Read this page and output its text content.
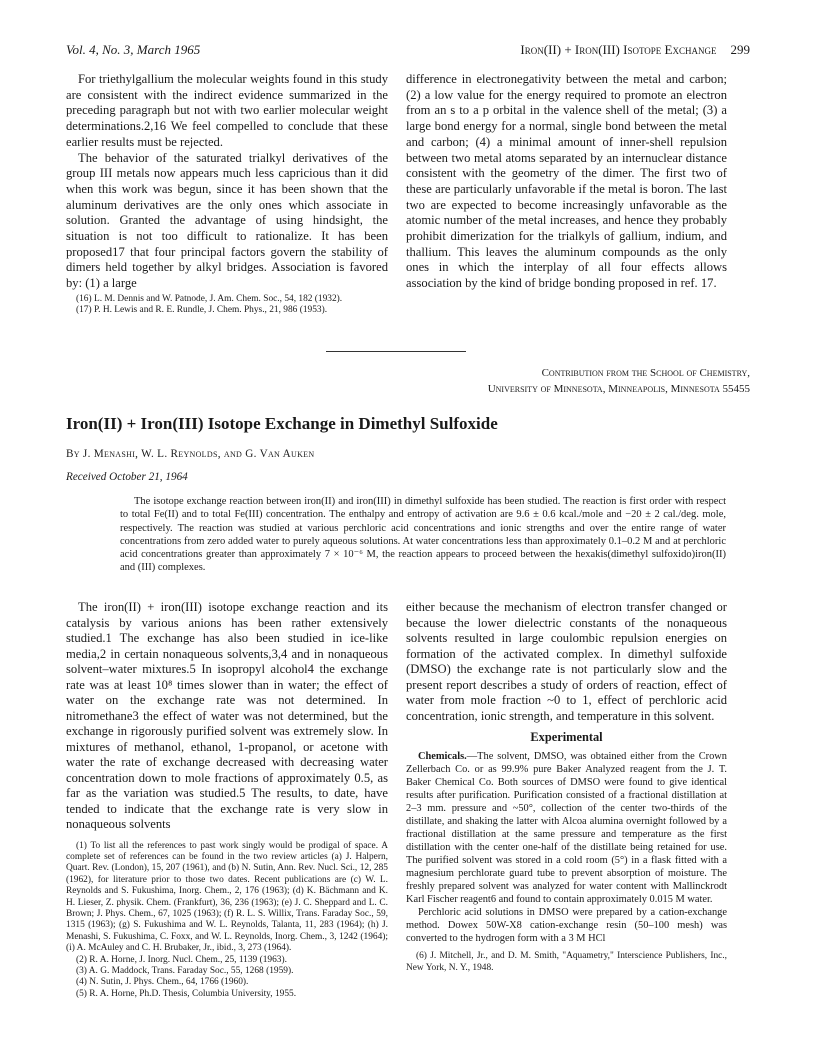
Vol. 4, No. 3, March 1965	Iron(II) + Iron(III) Isotope Exchange 299

For triethylgallium the molecular weights found in this study are consistent with the indirect evidence summarized in the preceding paragraph but not with two earlier molecular weight determinations.2,16 We feel compelled to conclude that these earlier results must be rejected.

The behavior of the saturated trialkyl derivatives of the group III metals now appears much less capricious than it did when this work was begun, since it has been shown that the aluminum derivatives are the only ones which associate in solution. Granted the advantage of using hindsight, the situation is not too difficult to rationalize. It has been proposed17 that four principal factors govern the stability of dimers held together by alkyl bridges. Association is favored by: (1) a large

(16) L. M. Dennis and W. Patnode, J. Am. Chem. Soc., 54, 182 (1932).
(17) P. H. Lewis and R. E. Rundle, J. Chem. Phys., 21, 986 (1953).

difference in electronegativity between the metal and carbon; (2) a low value for the energy required to promote an electron from an s to a p orbital in the valence shell of the metal; (3) a large bond energy for a normal, single bond between the metal and carbon; (4) a minimal amount of inner-shell repulsion between two metal atoms separated by an internuclear distance consistent with the geometry of the dimer. The first two of these are particularly unfavorable if the metal is boron. The last two are expected to become increasingly unfavorable as the atomic number of the metal increases, and hence they probably prohibit dimerization for the trialkyls of gallium, indium, and thallium. This leaves the aluminum compounds as the only ones in which the interplay of all four effects allows association by the kind of bridge bonding proposed in ref. 17.

Contribution from the School of Chemistry,
University of Minnesota, Minneapolis, Minnesota 55455
Iron(II) + Iron(III) Isotope Exchange in Dimethyl Sulfoxide
By J. Menashi, W. L. Reynolds, and G. Van Auken
Received October 21, 1964
The isotope exchange reaction between iron(II) and iron(III) in dimethyl sulfoxide has been studied. The reaction is first order with respect to total Fe(II) and to total Fe(III) concentration. The enthalpy and entropy of activation are 9.6 ± 0.6 kcal./mole and −20 ± 2 cal./deg. mole, respectively. The reaction was studied at various perchloric acid concentrations and ionic strengths and over the entire range of water concentrations from zero added water to purely aqueous solutions. At water concentrations less than approximately 0.1–0.2 M and at perchloric acid concentrations greater than approximately 7 × 10⁻⁶ M, the reaction appears to proceed between the hexakis(dimethyl sulfoxido)iron(II) and (III) complexes.

The iron(II) + iron(III) isotope exchange reaction and its catalysis by various anions has been rather extensively studied.1 The exchange has also been studied in ice-like media,2 in certain nonaqueous solvents,3,4 and in nonaqueous solvent–water mixtures.5 In isopropyl alcohol4 the exchange rate was at least 10⁸ times slower than in water; the effect of water on the exchange rate was not determined. In nitromethane3 the effect of water was not determined, but the exchange in rigorously purified solvent was extremely slow. In mixtures of methanol, ethanol, 1-propanol, or acetone with water the rate of exchange decreased with decreasing water concentration down to mole fractions of approximately 0.5, as far as the variation was studied.5 The results, to date, have tended to indicate that the exchange rate is very slow in nonaqueous solvents

(1) To list all the references to past work singly would be prodigal of space. A complete set of references can be found in the two review articles (a) J. Halpern, Quart. Rev. (London), 15, 207 (1961), and (b) N. Sutin, Ann. Rev. Nucl. Sci., 12, 285 (1962), for literature prior to those two dates. Recent publications are (c) W. L. Reynolds and S. Fukushima, Inorg. Chem., 2, 176 (1963); (d) K. Bächmann and K. H. Lieser, Z. physik. Chem. (Frankfurt), 36, 236 (1963); (e) J. C. Sheppard and L. C. Brown; J. Phys. Chem., 67, 1025 (1963); (f) R. L. S. Willix, Trans. Faraday Soc., 59, 1315 (1963); (g) S. Fukushima and W. L. Reynolds, Talanta, 11, 283 (1964); (h) J. Menashi, S. Fukushima, C. Foxx, and W. L. Reynolds, Inorg. Chem., 3, 1242 (1964); (i) A. McAuley and C. H. Brubaker, Jr., ibid., 3, 273 (1964).
(2) R. A. Horne, J. Inorg. Nucl. Chem., 25, 1139 (1963).
(3) A. G. Maddock, Trans. Faraday Soc., 55, 1268 (1959).
(4) N. Sutin, J. Phys. Chem., 64, 1766 (1960).
(5) R. A. Horne, Ph.D. Thesis, Columbia University, 1955.

either because the mechanism of electron transfer changed or because the lower dielectric constants of the nonaqueous solvents resulted in large coulombic repulsion energies on formation of the activated complex. In dimethyl sulfoxide (DMSO) the exchange rate is not particularly slow and the present report describes a study of orders of reaction, effect of water from mole fraction ~0 to 1, effect of perchloric acid concentration, ionic strength, and temperature in this solvent.

Experimental

Chemicals.—The solvent, DMSO, was obtained either from the Crown Zellerbach Co. or as 99.9% pure Baker Analyzed reagent from the J. T. Baker Chemical Co. Both sources of DMSO were found to give identical results after purification. Purification consisted of a fractional distillation at 2–3 mm. pressure and ~50°, collection of the center two-thirds of the distillate, and shaking the latter with Alcoa alumina overnight followed by a fractional distillation at the same pressure and temperature as the first distillation with the center one-half of the distillate being retained for use. The purified solvent was stored in a cold room (5°) in a flask fitted with a magnesium perchlorate guard tube to prevent absorption of moisture. The freshly prepared solvent was analyzed for water content with Mallinckrodt Karl Fischer reagent6 and found to contain approximately 0.015 M water.

Perchloric acid solutions in DMSO were prepared by a cation-exchange method. Dowex 50W-X8 cation-exchange resin (50–100 mesh) was converted to the hydrogen form with a 3 M HCl

(6) J. Mitchell, Jr., and D. M. Smith, "Aquametry," Interscience Publishers, Inc., New York, N. Y., 1948.
